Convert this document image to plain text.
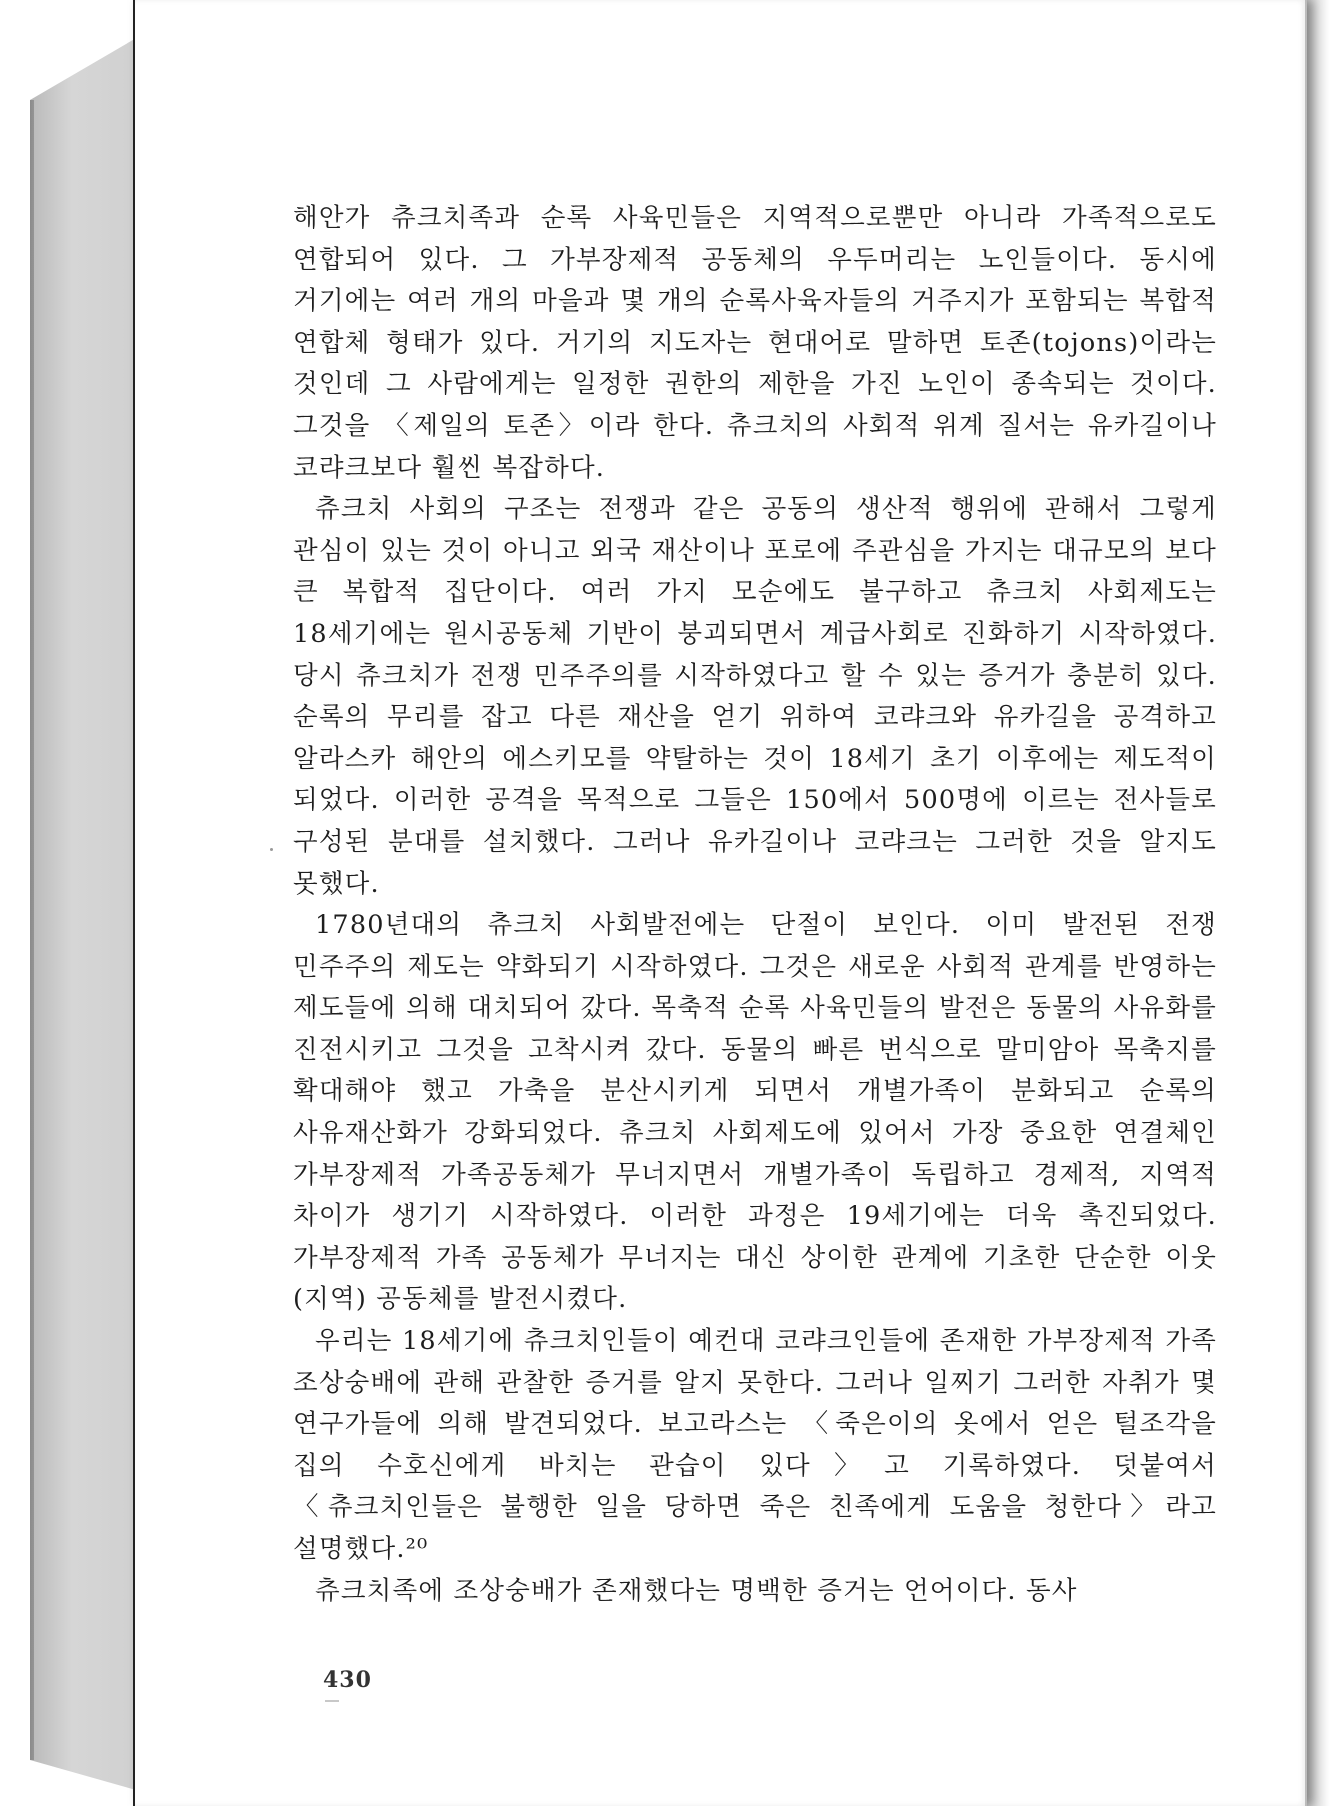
해안가 츄크치족과 순록 사육민들은 지역적으로뿐만 아니라 가족적으로도 연합되어 있다. 그 가부장제적 공동체의 우두머리는 노인들이다. 동시에 거기에는 여러 개의 마을과 몇 개의 순록사육자들의 거주지가 포함되는 복합적 연합체 형태가 있다. 거기의 지도자는 현대어로 말하면 토존(tojons)이라는 것인데 그 사람에게는 일정한 권한의 제한을 가진 노인이 종속되는 것이다. 그것을 〈제일의 토존〉이라 한다. 츄크치의 사회적 위계 질서는 유카길이나 코랴크보다 훨씬 복잡하다.

츄크치 사회의 구조는 전쟁과 같은 공동의 생산적 행위에 관해서 그렇게 관심이 있는 것이 아니고 외국 재산이나 포로에 주관심을 가지는 대규모의 보다 큰 복합적 집단이다. 여러 가지 모순에도 불구하고 츄크치 사회제도는 18세기에는 원시공동체 기반이 붕괴되면서 계급사회로 진화하기 시작하였다. 당시 츄크치가 전쟁 민주주의를 시작하였다고 할 수 있는 증거가 충분히 있다. 순록의 무리를 잡고 다른 재산을 얻기 위하여 코랴크와 유카길을 공격하고 알라스카 해안의 에스키모를 약탈하는 것이 18세기 초기 이후에는 제도적이 되었다. 이러한 공격을 목적으로 그들은 150에서 500명에 이르는 전사들로 구성된 분대를 설치했다. 그러나 유카길이나 코랴크는 그러한 것을 알지도 못했다.

1780년대의 츄크치 사회발전에는 단절이 보인다. 이미 발전된 전쟁 민주주의 제도는 약화되기 시작하였다. 그것은 새로운 사회적 관계를 반영하는 제도들에 의해 대치되어 갔다. 목축적 순록 사육민들의 발전은 동물의 사유화를 진전시키고 그것을 고착시켜 갔다. 동물의 빠른 번식으로 말미암아 목축지를 확대해야 했고 가축을 분산시키게 되면서 개별가족이 분화되고 순록의 사유재산화가 강화되었다. 츄크치 사회제도에 있어서 가장 중요한 연결체인 가부장제적 가족공동체가 무너지면서 개별가족이 독립하고 경제적, 지역적 차이가 생기기 시작하였다. 이러한 과정은 19세기에는 더욱 촉진되었다. 가부장제적 가족 공동체가 무너지는 대신 상이한 관계에 기초한 단순한 이웃(지역) 공동체를 발전시켰다.

우리는 18세기에 츄크치인들이 예컨대 코랴크인들에 존재한 가부장제적 가족 조상숭배에 관해 관찰한 증거를 알지 못한다. 그러나 일찌기 그러한 자취가 몇 연구가들에 의해 발견되었다. 보고라스는 〈죽은이의 옷에서 얻은 털조각을 집의 수호신에게 바치는 관습이 있다〉고 기록하였다. 덧붙여서 〈츄크치인들은 불행한 일을 당하면 죽은 친족에게 도움을 청한다〉라고 설명했다.²⁰

츄크치족에 조상숭배가 존재했다는 명백한 증거는 언어이다. 동사

430
